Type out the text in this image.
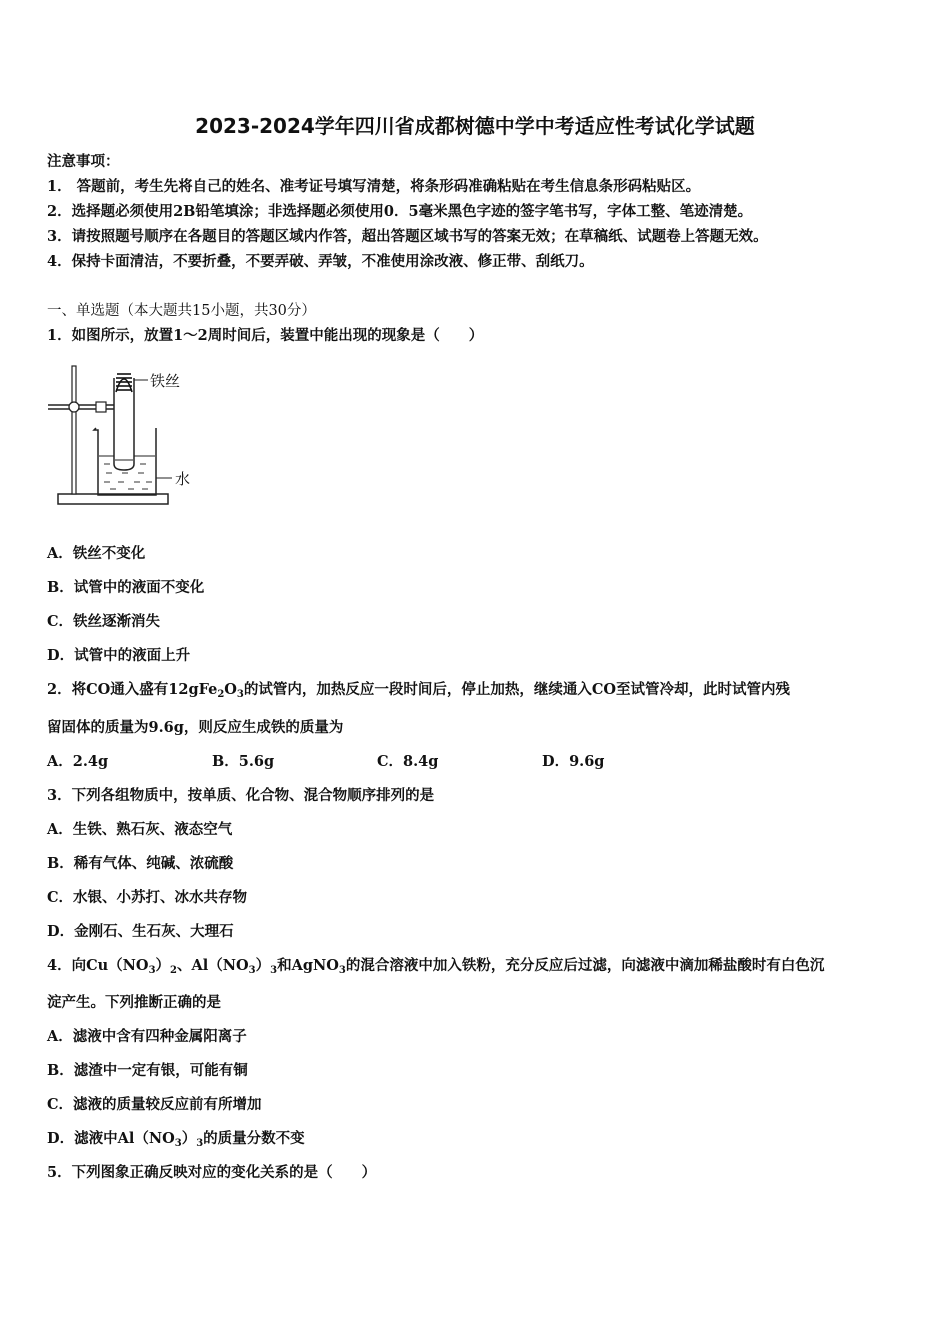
2023-2024学年四川省成都树德中学中考适应性考试化学试题
注意事项：
1． 答题前，考生先将自己的姓名、准考证号填写清楚，将条形码准确粘贴在考生信息条形码粘贴区。
2．选择题必须使用2B铅笔填涂；非选择题必须使用0．5毫米黑色字迹的签字笔书写，字体工整、笔迹清楚。
3．请按照题号顺序在各题目的答题区域内作答，超出答题区域书写的答案无效；在草稿纸、试题卷上答题无效。
4．保持卡面清洁，不要折叠，不要弄破、弄皱，不准使用涂改液、修正带、刮纸刀。
一、单选题（本大题共15小题，共30分）
1．如图所示，放置1～2周时间后，装置中能出现的现象是（　　）
铁丝
水
A．铁丝不变化
B．试管中的液面不变化
C．铁丝逐渐消失
D．试管中的液面上升
2．将CO通入盛有$12gFe_2O_3$的试管内，加热反应一段时间后，停止加热，继续通入CO至试管冷却，此时试管内残
留固体的质量为9.6g，则反应生成铁的质量为
A．2.4g	B．5.6g	C．8.4g	D．9.6g
3．下列各组物质中，按单质、化合物、混合物顺序排列的是
A．生铁、熟石灰、液态空气
B．稀有气体、纯碱、浓硫酸
C．水银、小苏打、冰水共存物
D．金刚石、生石灰、大理石
4．向$Cu(NO_3)_2$、$Al(NO_3)_3$和AgNO$_3$的混合溶液中加入铁粉，充分反应后过滤，向滤液中滴加稀盐酸时有白色沉
淀产生。下列推断正确的是
A．滤液中含有四种金属阳离子
B．滤渣中一定有银，可能有铜
C．滤液的质量较反应前有所增加
D．滤液中$Al(NO_3)_3$的质量分数不变
5．下列图象正确反映对应的变化关系的是（　　）
